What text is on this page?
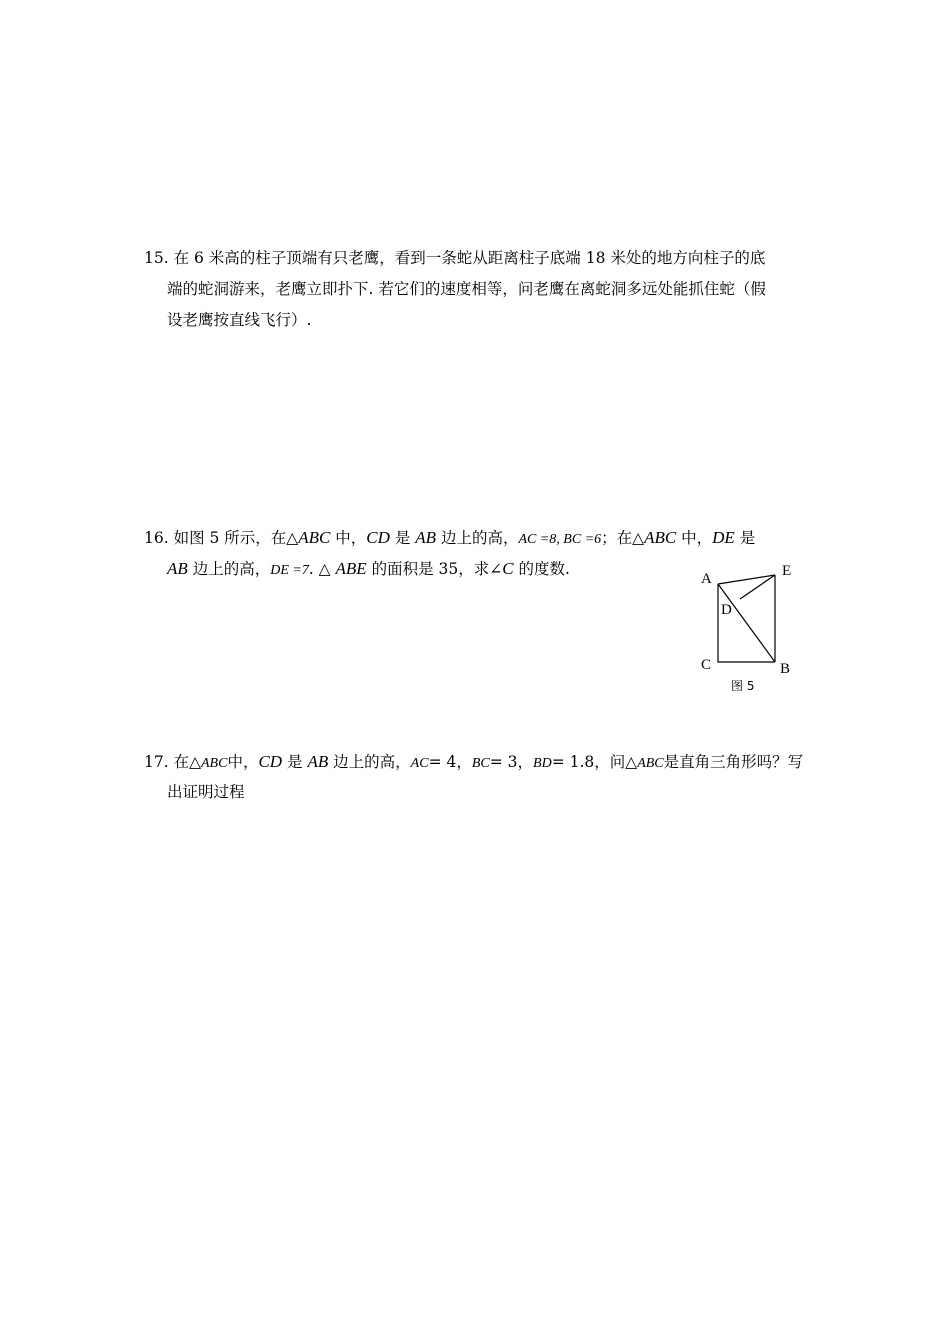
15. 在 6 米高的柱子顶端有只老鹰，看到一条蛇从距离柱子底端 18 米处的地方向柱子的底
端的蛇洞游来，老鹰立即扑下. 若它们的速度相等，问老鹰在离蛇洞多远处能抓住蛇（假
设老鹰按直线飞行）.
16. 如图 5 所示，在△ABC 中，CD 是 AB 边上的高，AC =8, BC =6；在△ABC 中，DE 是
AB 边上的高，DE =7. △ ABE 的面积是 35，求∠C 的度数.
A	E
D
C	B
图 5
17. 在△ABC中，CD 是 AB 边上的高，AC= 4，BC= 3，BD= 1.8，问△ABC是直角三角形吗？写
出证明过程
